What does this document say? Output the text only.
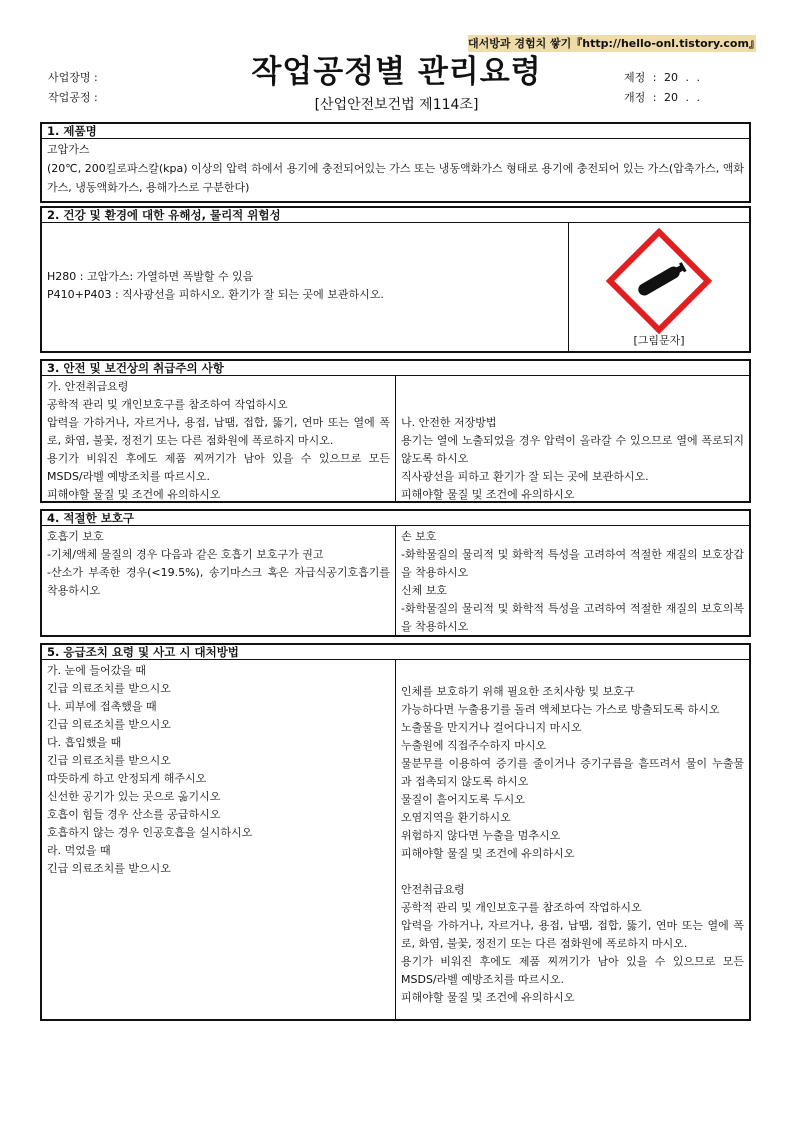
대서방과 경험치 쌓기『http://hello-onl.tistory.com』
사업장명 :
작업공정 :
작업공정별 관리요령
[산업안전보건법 제114조]
제정 : 20 . .
개정 : 20 . .
1. 제품명
고압가스
(20℃, 200킬로파스칼(kpa) 이상의 압력 하에서 용기에 충전되어있는 가스 또는 냉동액화가스 형태로 용기에 충전되어 있는 가스(압축가스, 액화가스, 냉동액화가스, 용해가스로 구분한다)
2. 건강 및 환경에 대한 유해성, 물리적 위험성
H280 : 고압가스: 가열하면 폭발할 수 있음
P410+P403 : 직사광선을 피하시오. 환기가 잘 되는 곳에 보관하시오.
[그림문자]
3. 안전 및 보건상의 취급주의 사항
가. 안전취급요령
공학적 관리 및 개인보호구를 참조하여 작업하시오
압력을 가하거나, 자르거나, 용접, 납땜, 접합, 뚫기, 연마 또는 열에 폭로, 화염, 불꽃, 정전기 또는 다른 점화원에 폭로하지 마시오.
용기가 비워진 후에도 제품 찌꺼기가 남아 있을 수 있으므로 모든 MSDS/라벨 예방조치를 따르시오.
피해야할 물질 및 조건에 유의하시오
나. 안전한 저장방법
용기는 열에 노출되었을 경우 압력이 올라갈 수 있으므로 열에 폭로되지 않도록 하시오
직사광선을 피하고 환기가 잘 되는 곳에 보관하시오.
피해야할 물질 및 조건에 유의하시오
4. 적절한 보호구
호흡기 보호
-기체/액체 물질의 경우 다음과 같은 호흡기 보호구가 권고
-산소가 부족한 경우(<19.5%), 송기마스크 혹은 자급식공기호흡기를 착용하시오
손 보호
-화학물질의 물리적 및 화학적 특성을 고려하여 적절한 재질의 보호장갑을 착용하시오
신체 보호
-화학물질의 물리적 및 화학적 특성을 고려하여 적절한 재질의 보호의복을 착용하시오
5. 응급조치 요령 및 사고 시 대처방법
가. 눈에 들어갔을 때
긴급 의료조치를 받으시오
나. 피부에 접촉했을 때
긴급 의료조치를 받으시오
다. 흡입했을 때
긴급 의료조치를 받으시오
따뜻하게 하고 안정되게 해주시오
신선한 공기가 있는 곳으로 옮기시오
호흡이 힘들 경우 산소를 공급하시오
호흡하지 않는 경우 인공호흡을 실시하시오
라. 먹었을 때
긴급 의료조치를 받으시오
인체를 보호하기 위해 필요한 조치사항 및 보호구
가능하다면 누출용기를 돌려 액체보다는 가스로 방출되도록 하시오
노출물을 만지거나 걸어다니지 마시오
누출원에 직접주수하지 마시오
물분무를 이용하여 증기를 줄이거나 증기구름을 흩뜨려서 물이 누출물과 접촉되지 않도록 하시오
물질이 흩어지도록 두시오
오염지역을 환기하시오
위험하지 않다면 누출을 멈추시오
피해야할 물질 및 조건에 유의하시오
안전취급요령
공학적 관리 및 개인보호구를 참조하여 작업하시오
압력을 가하거나, 자르거나, 용접, 납땜, 접합, 뚫기, 연마 또는 열에 폭로, 화염, 불꽃, 정전기 또는 다른 점화원에 폭로하지 마시오.
용기가 비워진 후에도 제품 찌꺼기가 남아 있을 수 있으므로 모든 MSDS/라벨 예방조치를 따르시오.
피해야할 물질 및 조건에 유의하시오
